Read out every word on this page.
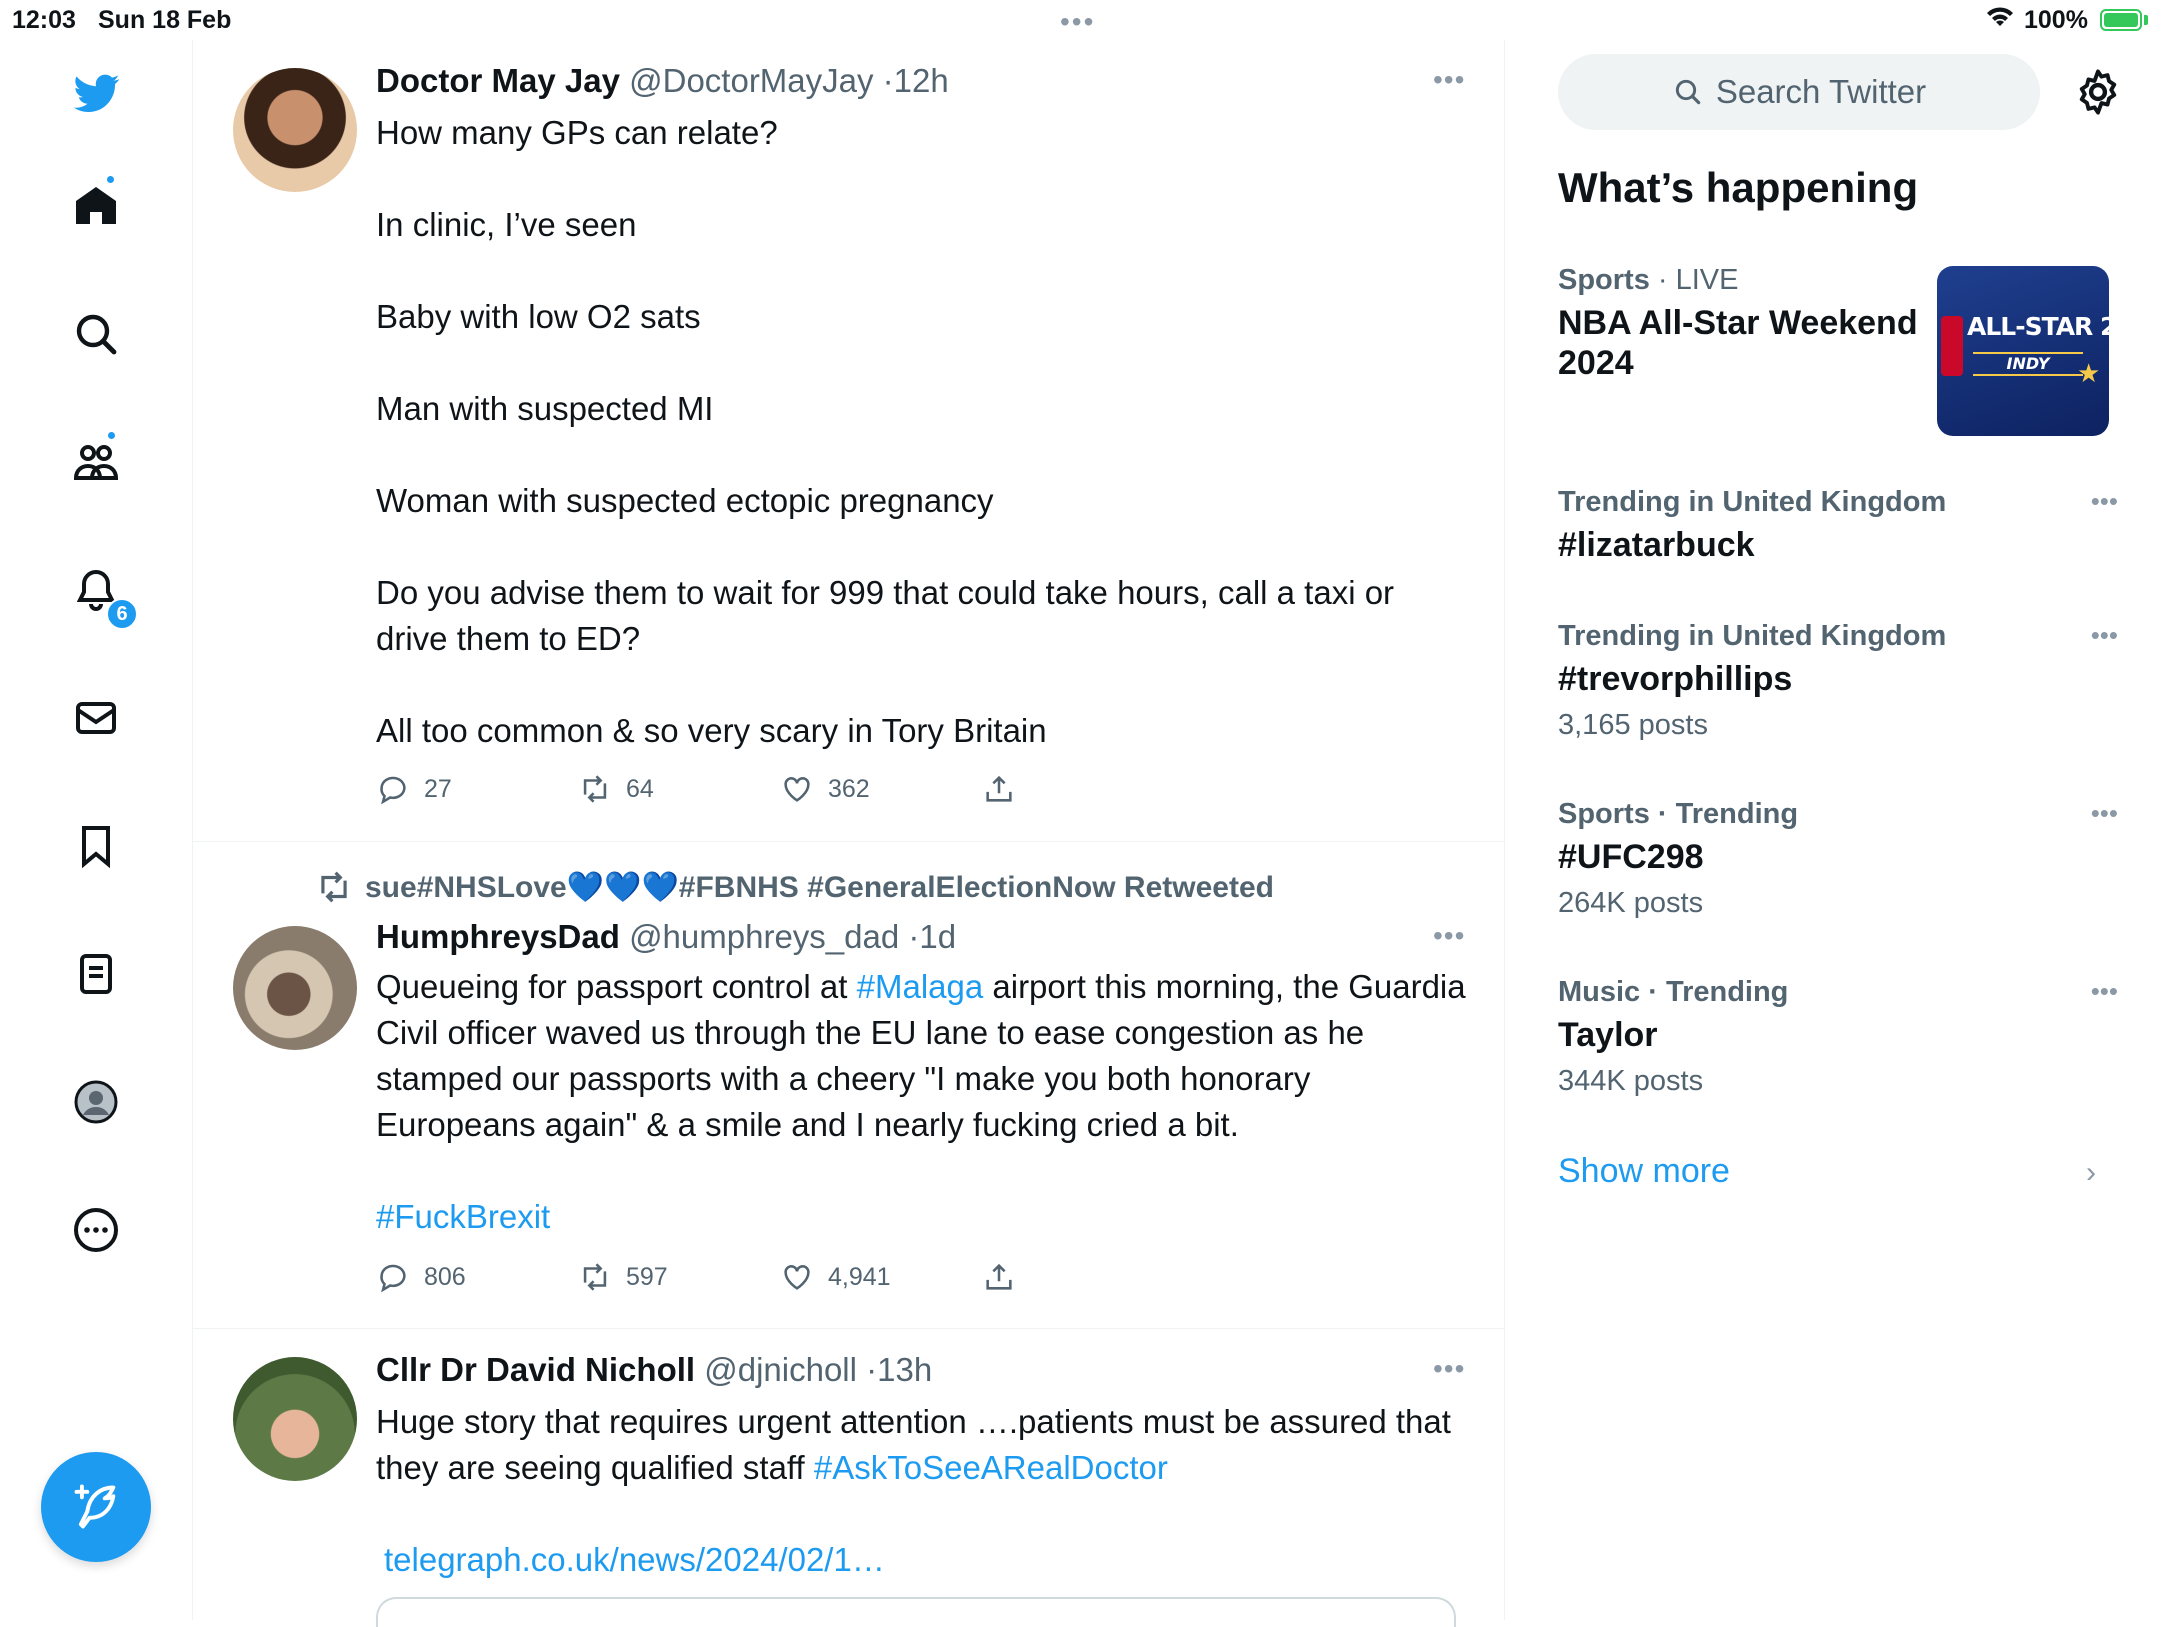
12:03 Sun 18 Feb	•••	100%
6
Doctor May Jay @DoctorMayJay ·12h	•••

How many GPs can relate?

In clinic, I’ve seen

Baby with low O2 sats

Man with suspected MI

Woman with suspected ectopic pregnancy

Do you advise them to wait for 999 that could take hours, call a taxi or drive them to ED?

All too common & so very scary in Tory Britain

27	64	362
sue#NHSLove💙💙💙#FBNHS #GeneralElectionNow Retweeted
HumphreysDad @humphreys_dad ·1d	•••

Queueing for passport control at #Malaga airport this morning, the Guardia Civil officer waved us through the EU lane to ease congestion as he stamped our passports with a cheery "I make you both honorary Europeans again" & a smile and I nearly fucking cried a bit.

#FuckBrexit

806	597	4,941
Cllr Dr David Nicholl @djnicholl ·13h	•••

Huge story that requires urgent attention ….patients must be assured that they are seeing qualified staff #AskToSeeARealDoctor

telegraph.co.uk/news/2024/02/1…

Search Twitter
What’s happening
Sports · LIVE
NBA All-Star Weekend 2024
Trending in United Kingdom
#lizatarbuck
•••
Trending in United Kingdom
#trevorphillips
3,165 posts
•••
Sports · Trending
#UFC298
264K posts
•••
Music · Trending
Taylor
344K posts
•••
Show more	›
ALL-STAR 2024
INDY	★
